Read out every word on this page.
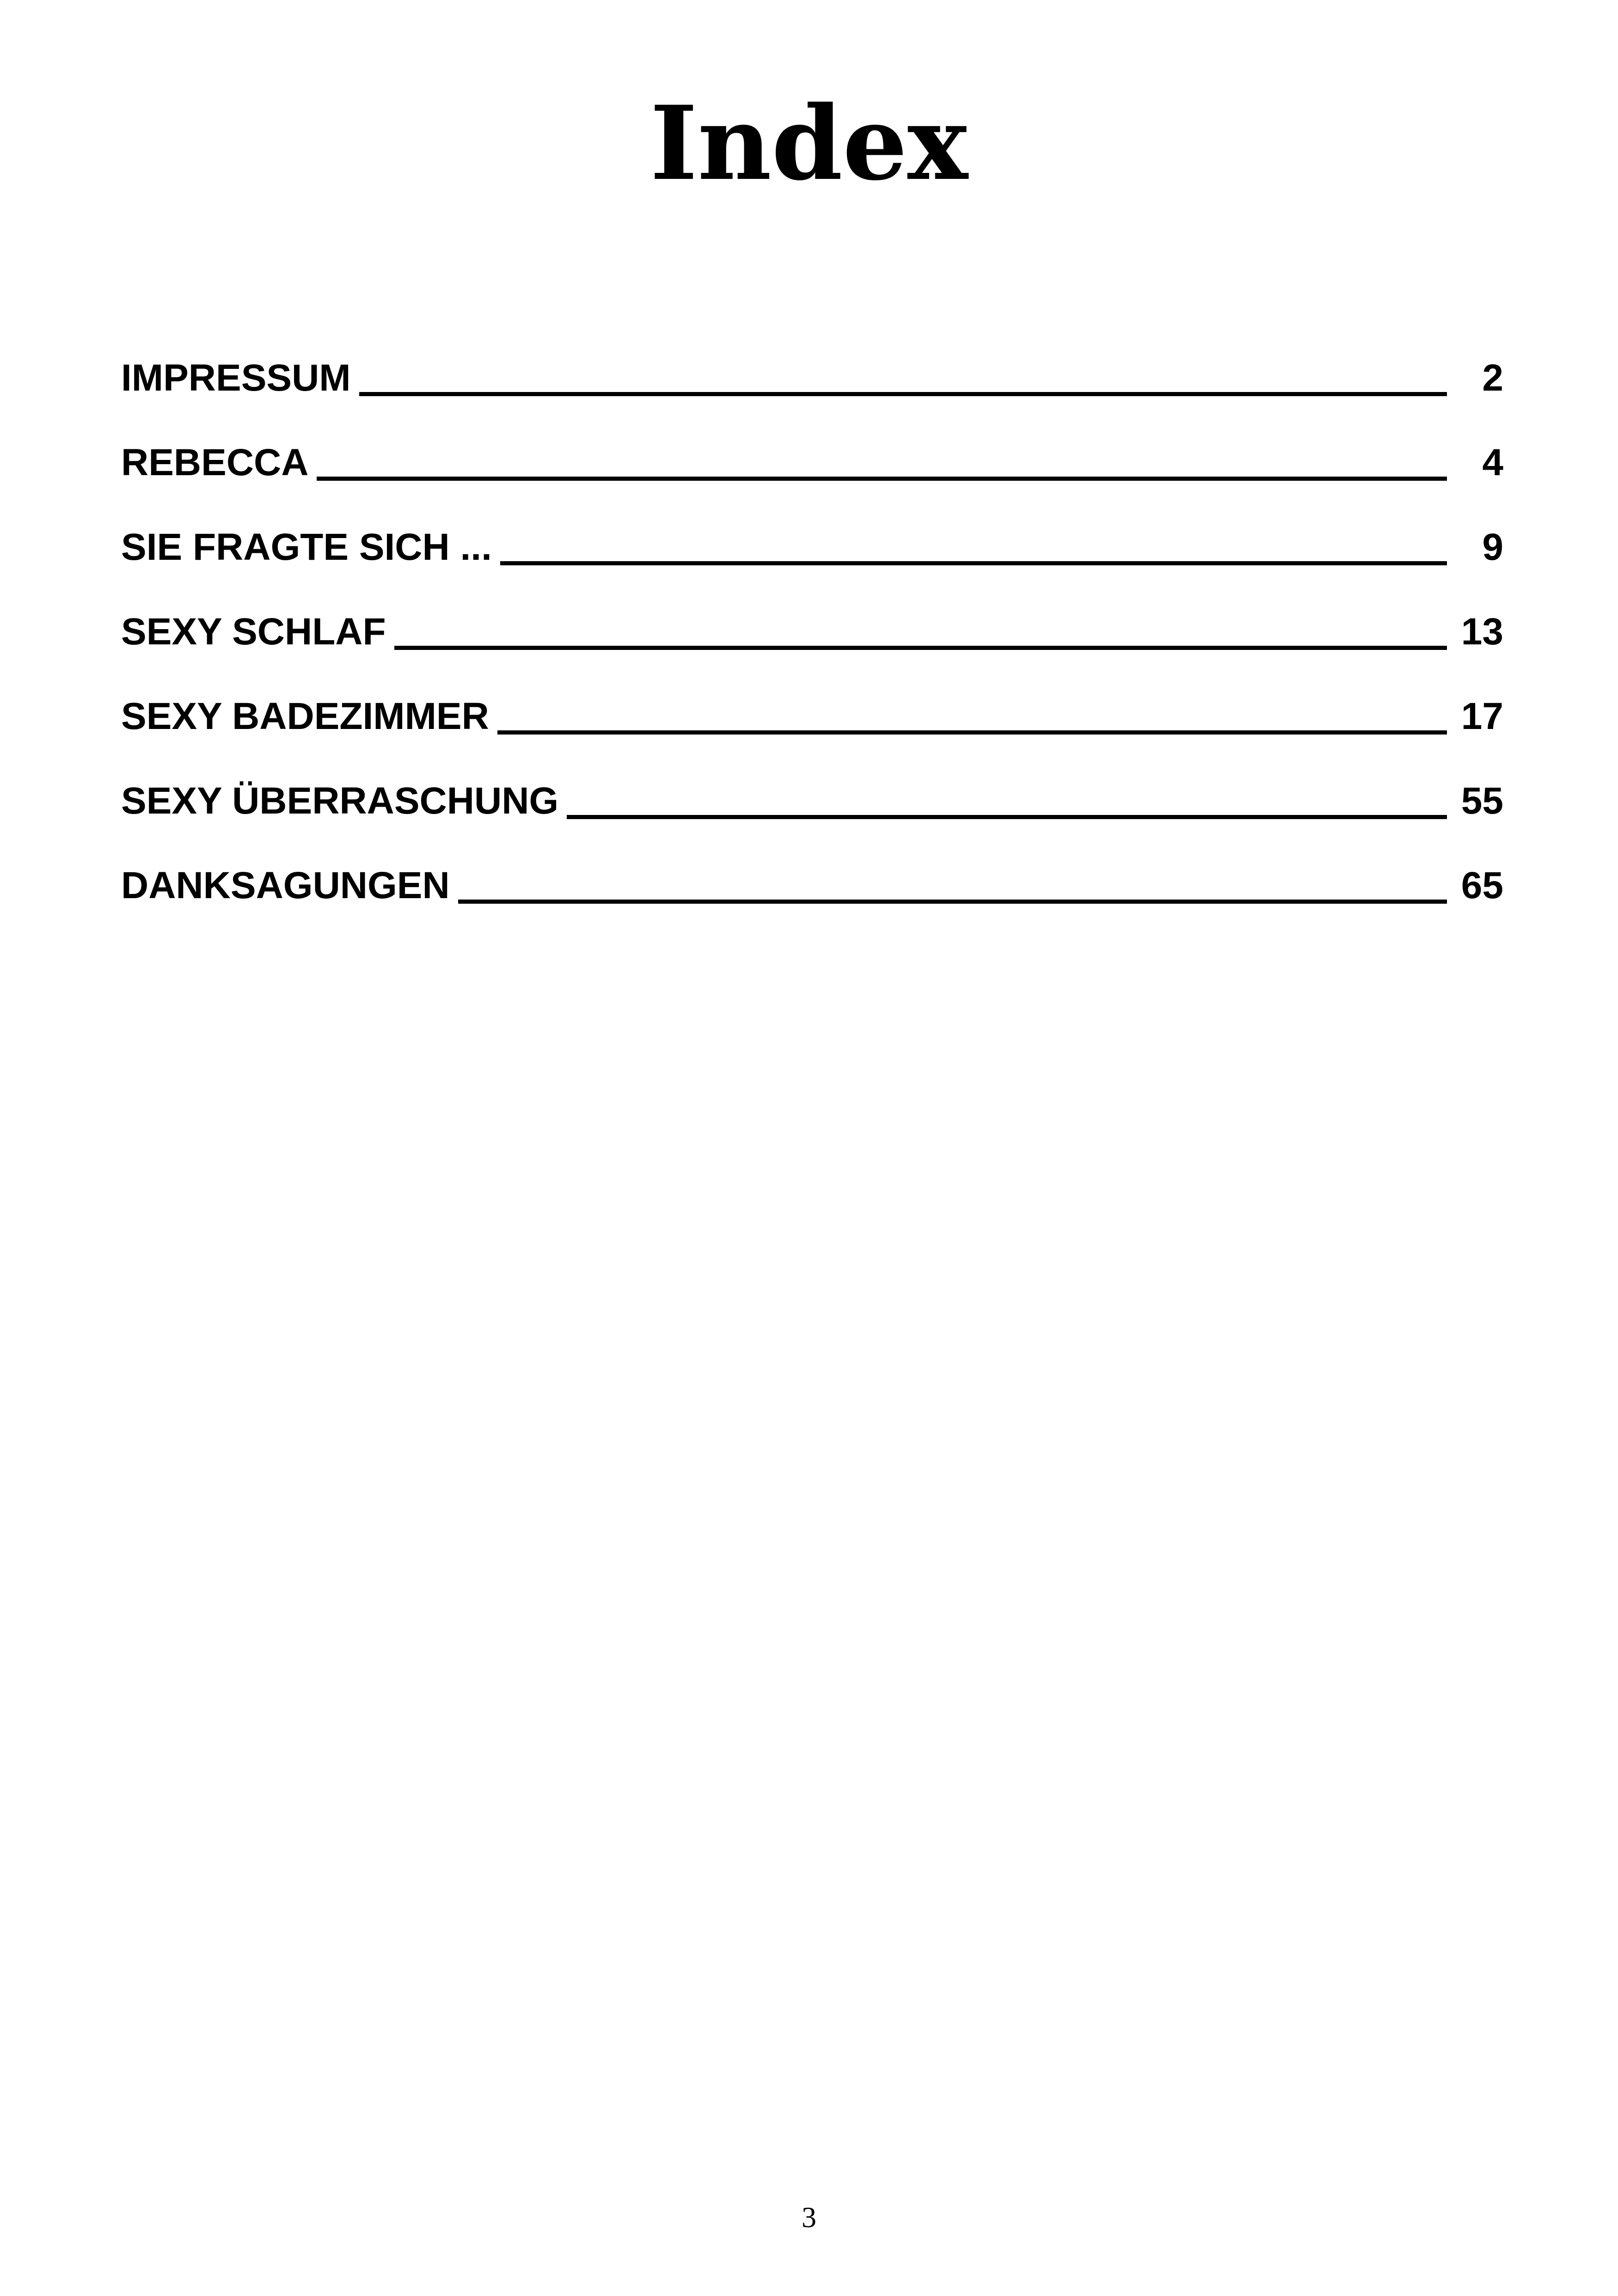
Index
IMPRESSUM	2
REBECCA	4
SIE FRAGTE SICH ...	9
SEXY SCHLAF	13
SEXY BADEZIMMER	17
SEXY ÜBERRASCHUNG	55
DANKSAGUNGEN	65
3
